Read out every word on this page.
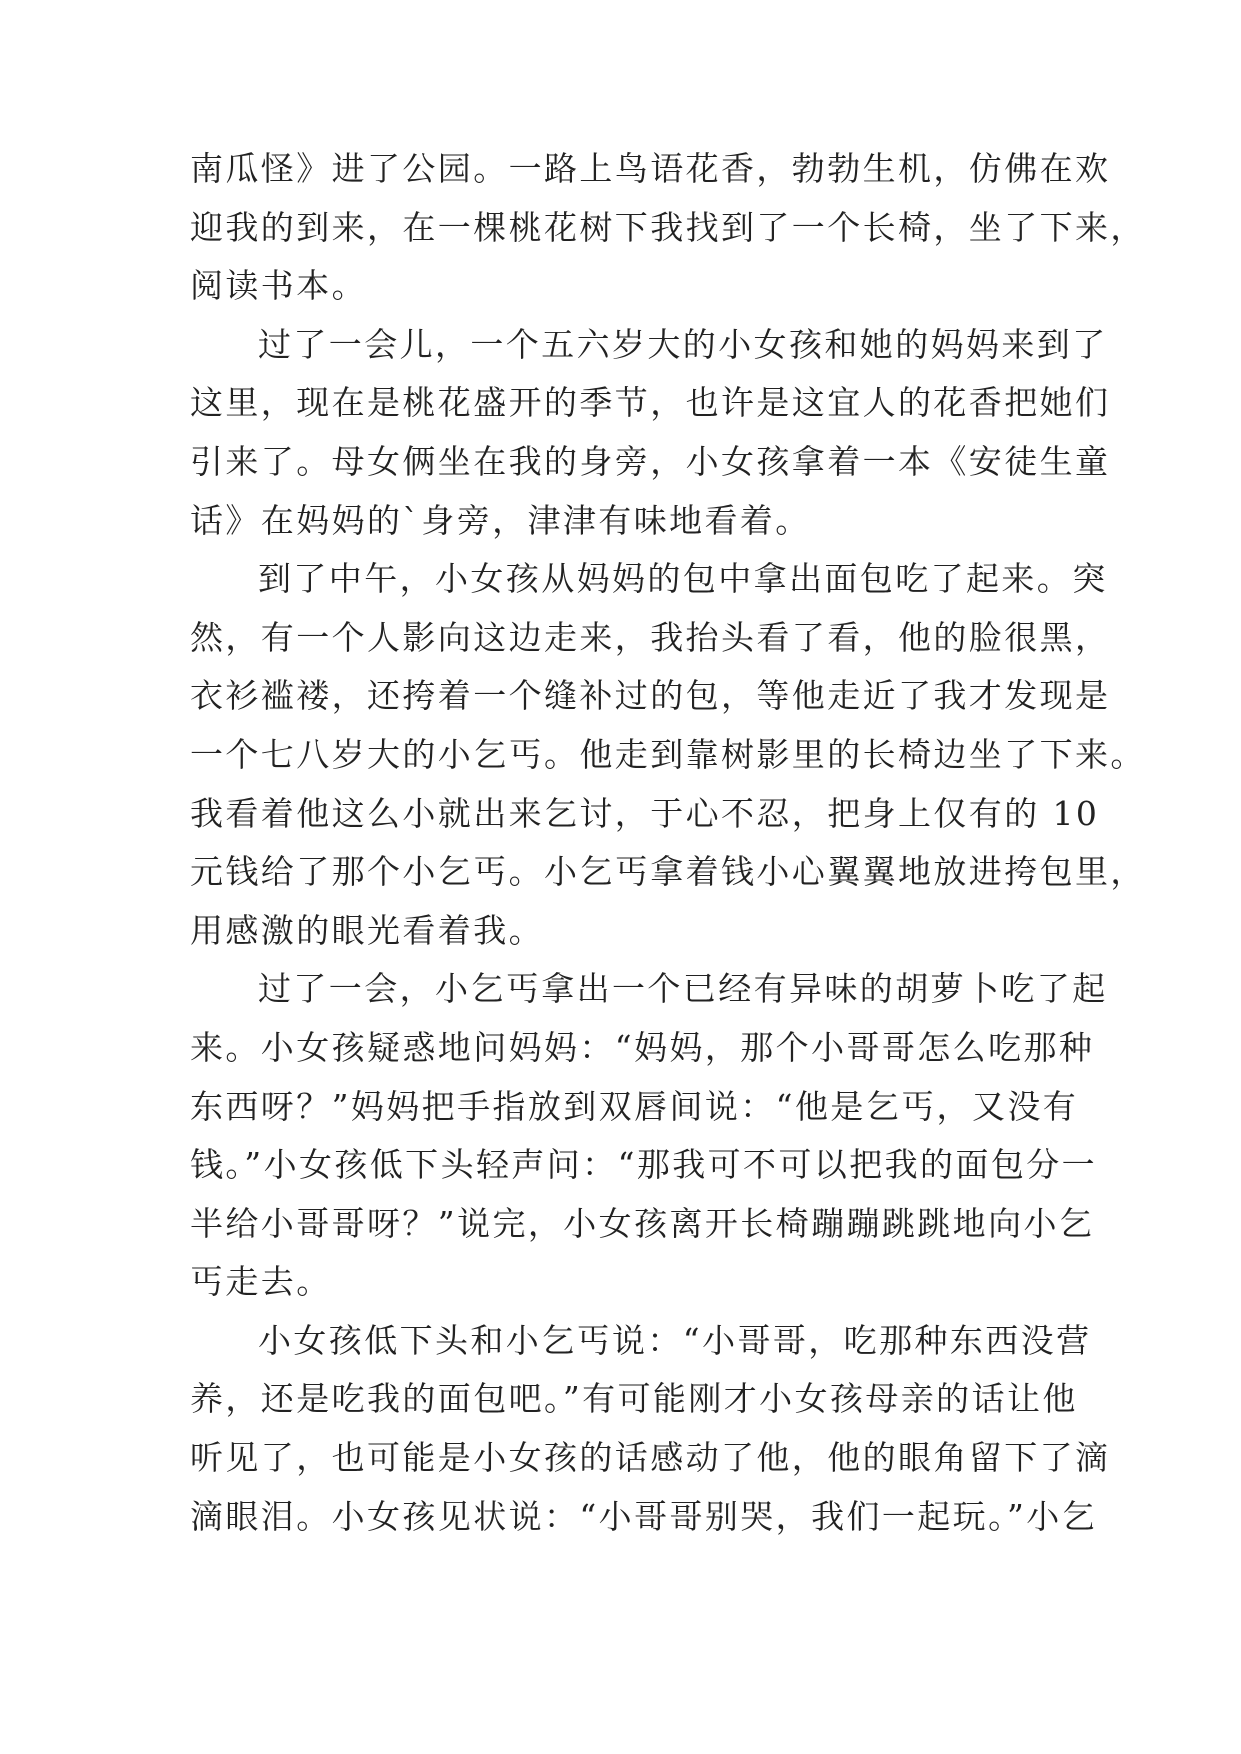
南瓜怪》进了公园。一路上鸟语花香，勃勃生机，仿佛在欢
迎我的到来，在一棵桃花树下我找到了一个长椅，坐了下来，
阅读书本。
过了一会儿，一个五六岁大的小女孩和她的妈妈来到了
这里，现在是桃花盛开的季节，也许是这宜人的花香把她们
引来了。母女俩坐在我的身旁，小女孩拿着一本《安徒生童
话》在妈妈的`身旁，津津有味地看着。
到了中午，小女孩从妈妈的包中拿出面包吃了起来。突
然，有一个人影向这边走来，我抬头看了看，他的脸很黑，
衣衫褴褛，还挎着一个缝补过的包，等他走近了我才发现是
一个七八岁大的小乞丐。他走到靠树影里的长椅边坐了下来。
我看着他这么小就出来乞讨，于心不忍，把身上仅有的 10
元钱给了那个小乞丐。小乞丐拿着钱小心翼翼地放进挎包里，
用感激的眼光看着我。
过了一会，小乞丐拿出一个已经有异味的胡萝卜吃了起
来。小女孩疑惑地问妈妈：“妈妈，那个小哥哥怎么吃那种
东西呀？”妈妈把手指放到双唇间说：“他是乞丐，又没有
钱。”小女孩低下头轻声问：“那我可不可以把我的面包分一
半给小哥哥呀？”说完，小女孩离开长椅蹦蹦跳跳地向小乞
丐走去。
小女孩低下头和小乞丐说：“小哥哥，吃那种东西没营
养，还是吃我的面包吧。”有可能刚才小女孩母亲的话让他
听见了，也可能是小女孩的话感动了他，他的眼角留下了滴
滴眼泪。小女孩见状说：“小哥哥别哭，我们一起玩。”小乞
